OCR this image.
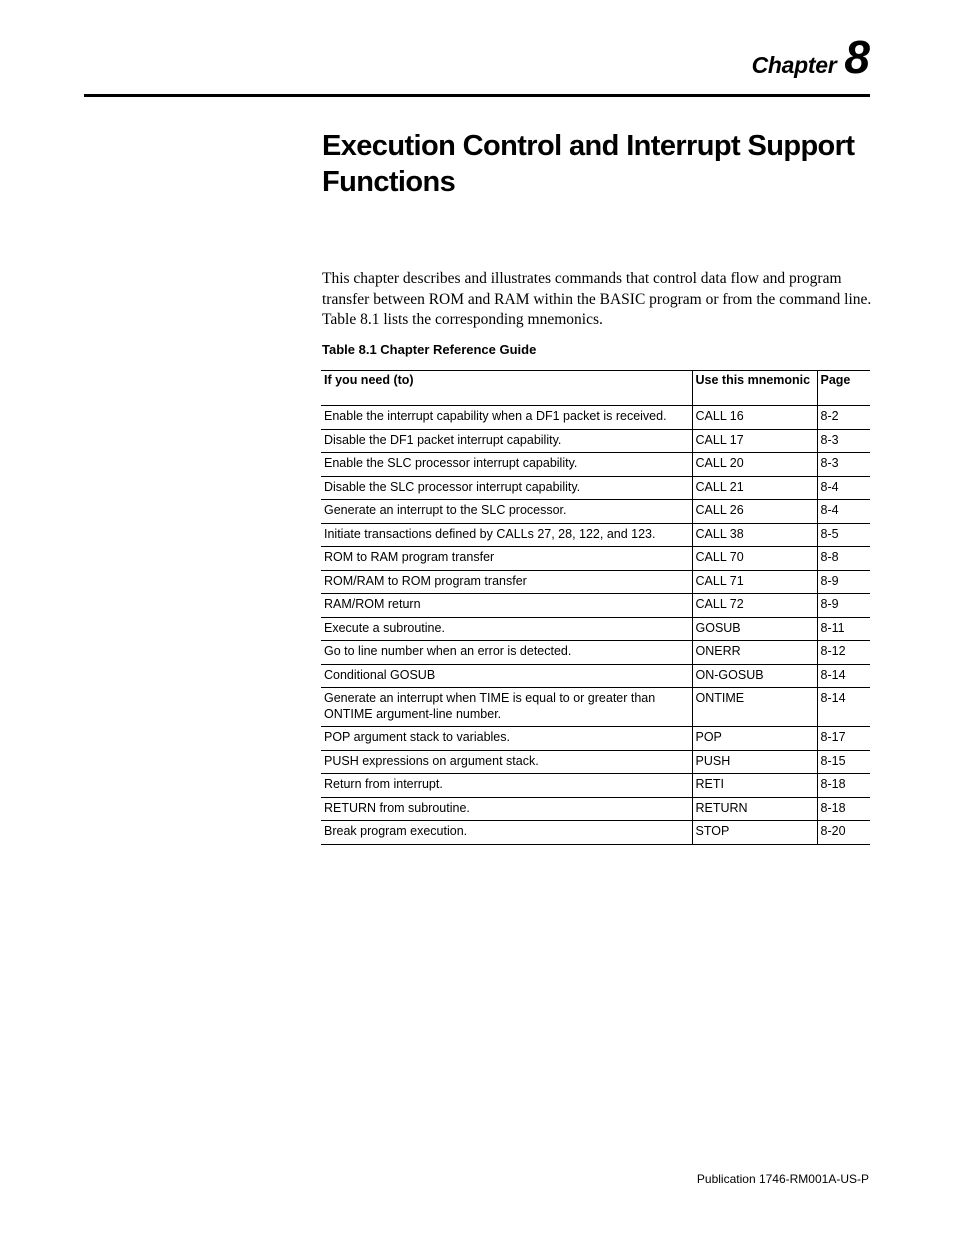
Chapter 8
Execution Control and Interrupt Support Functions

This chapter describes and illustrates commands that control data flow and program transfer between ROM and RAM within the BASIC program or from the command line. Table 8.1 lists the corresponding mnemonics.

Table 8.1 Chapter Reference Guide
If you need (to)	Use this mnemonic	Page
Enable the interrupt capability when a DF1 packet is received.	CALL 16	8-2
Disable the DF1 packet interrupt capability.	CALL 17	8-3
Enable the SLC processor interrupt capability.	CALL 20	8-3
Disable the SLC processor interrupt capability.	CALL 21	8-4
Generate an interrupt to the SLC processor.	CALL 26	8-4
Initiate transactions defined by CALLs 27, 28, 122, and 123.	CALL 38	8-5
ROM to RAM program transfer	CALL 70	8-8
ROM/RAM to ROM program transfer	CALL 71	8-9
RAM/ROM return	CALL 72	8-9
Execute a subroutine.	GOSUB	8-11
Go to line number when an error is detected.	ONERR	8-12
Conditional GOSUB	ON-GOSUB	8-14
Generate an interrupt when TIME is equal to or greater than ONTIME argument-line number.	ONTIME	8-14
POP argument stack to variables.	POP	8-17
PUSH expressions on argument stack.	PUSH	8-15
Return from interrupt.	RETI	8-18
RETURN from subroutine.	RETURN	8-18
Break program execution.	STOP	8-20
Publication 1746-RM001A-US-P
